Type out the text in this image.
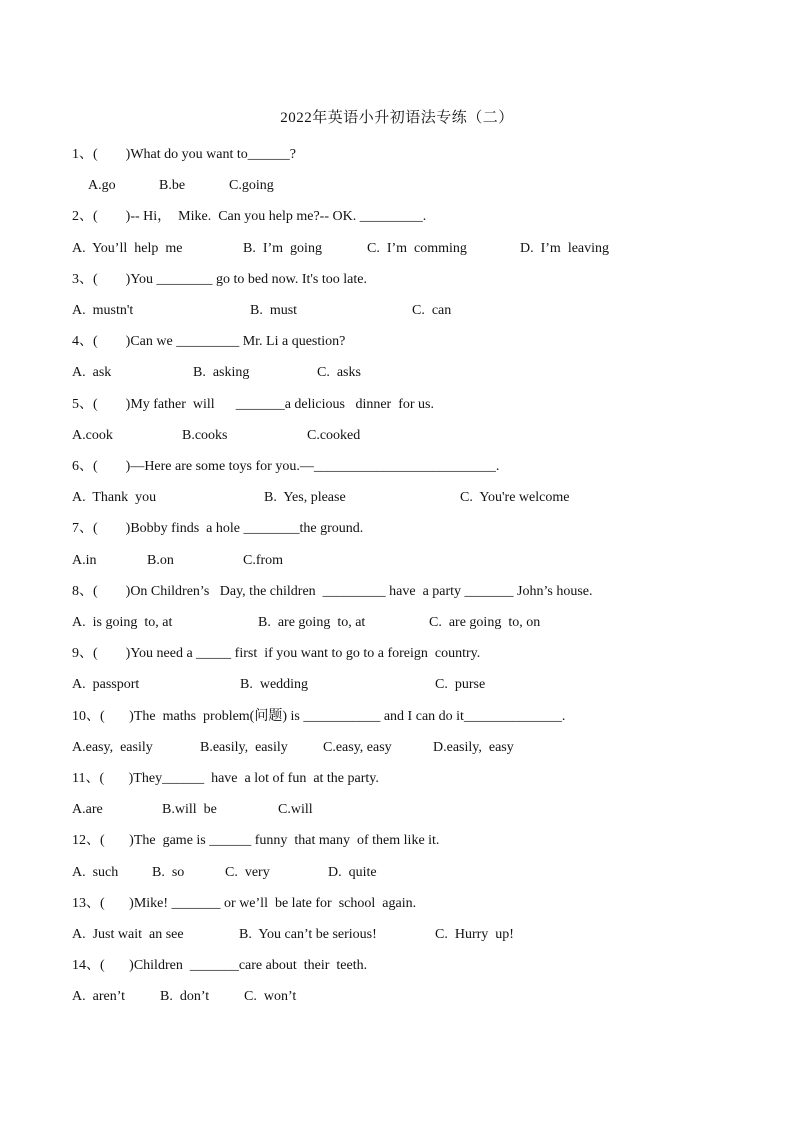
2022年英语小升初语法专练（二）
1、(        )What do you want to______?
A.go	B.be	C.going
2、(        )-- Hi，  Mike.  Can you help me?-- OK. _________.
A.  You’ll  help  me	B.  I’m  going	C.  I’m  comming	D.  I’m  leaving
3、(        )You ________ go to bed now. It's too late.
A.  mustn't	B.  must	C.  can
4、(        )Can we _________ Mr. Li a question?
A.  ask	B.  asking	C.  asks
5、(        )My father  will      _______a delicious   dinner  for us.
A.cook	B.cooks	C.cooked
6、(        )—Here are some toys for you.—__________________________.
A.  Thank  you	B.  Yes, please	C.  You're welcome
7、(        )Bobby finds  a hole ________the ground.
A.in	B.on	C.from
8、(        )On Children’s   Day, the children  _________ have  a party _______ John’s house.
A.  is going  to, at	B.  are going  to, at	C.  are going  to, on
9、(        )You need a _____ first  if you want to go to a foreign  country.
A.  passport	B.  wedding	C.  purse
10、(       )The  maths  problem(问题) is ___________ and I can do it______________.
A.easy,  easily	B.easily,  easily	C.easy, easy	D.easily,  easy
11、(       )They______  have  a lot of fun  at the party.
A.are	B.will  be	C.will
12、(       )The  game is ______ funny  that many  of them like it.
A.  such B.  so	C.  very	D.  quite
13、(       )Mike! _______ or we’ll  be late for  school  again.
A.  Just wait  an see	B.  You can’t be serious!	C.  Hurry  up!
14、(       )Children  _______care about  their  teeth.
A.  aren’t	B.  don’t C.  won’t
